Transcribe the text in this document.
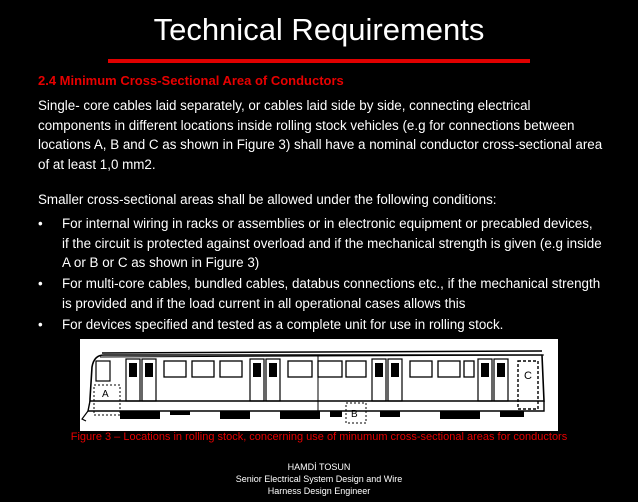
Technical Requirements
2.4 Minimum Cross-Sectional Area of Conductors
Single- core cables laid separately, or cables laid side by side, connecting electrical components in different locations inside rolling stock vehicles (e.g for connections between locations A, B and C as shown in Figure 3) shall have a nominal conductor cross-sectional area of at least 1,0 mm2.
Smaller cross-sectional areas shall be allowed under the following conditions:
• For internal wiring in racks or assemblies or in electronic equipment or precabled devices, if the circuit is protected against overload and if the mechanical strength is given (e.g inside A or B or C as shown in Figure 3)
• For multi-core cables, bundled cables, databus connections etc., if the mechanical strength is provided and if the load current in all operational cases allows this
• For devices specified and tested as a complete unit for use in rolling stock.
A
B
C
Figure 3 – Locations in rolling stock, concerning use of minumum cross-sectional areas for conductors
HAMDİ TOSUN
Senior Electrical System Design and Wire
Harness Design Engineer
